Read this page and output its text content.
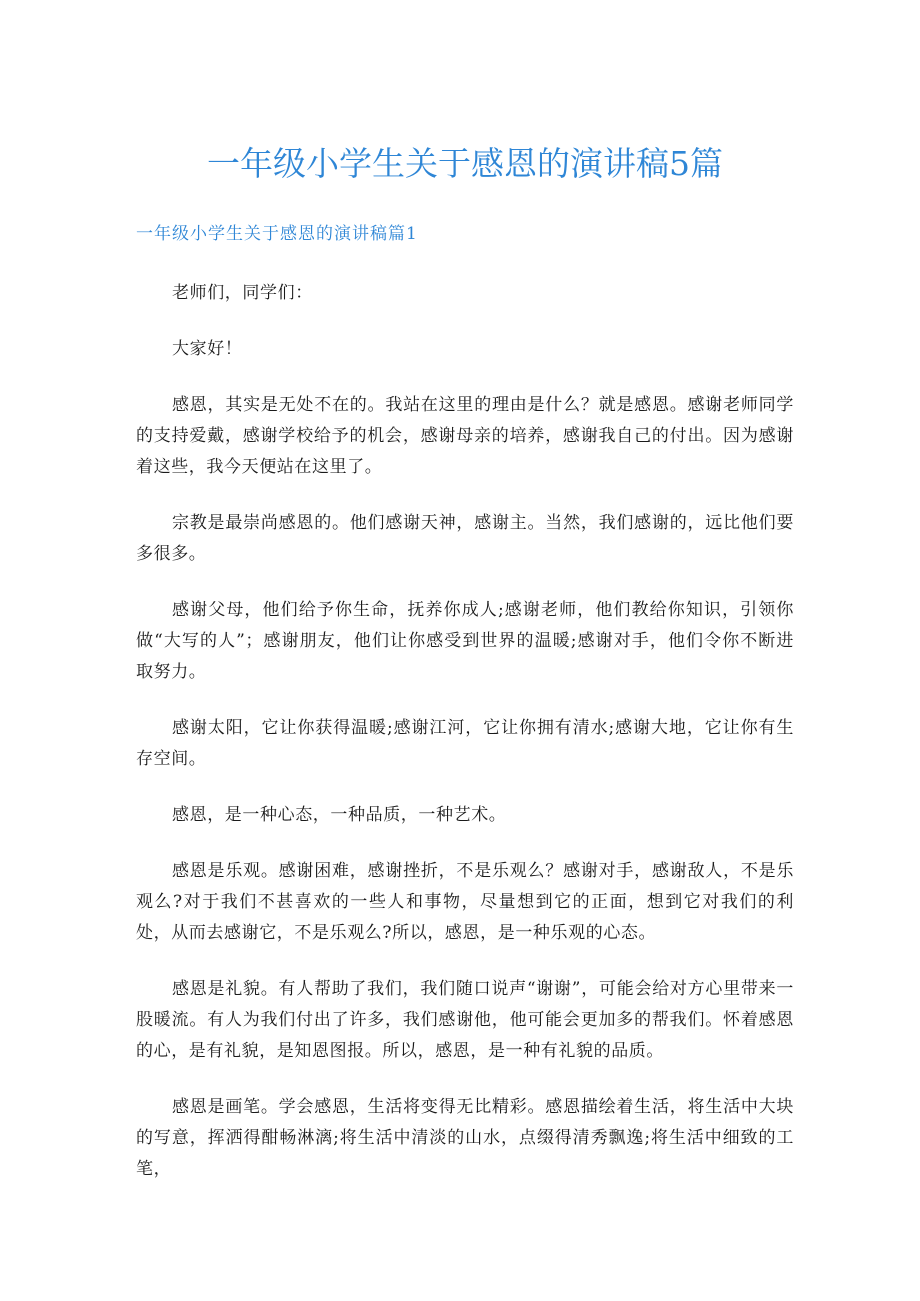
一年级小学生关于感恩的演讲稿5篇
一年级小学生关于感恩的演讲稿篇1

老师们，同学们：

大家好！

感恩，其实是无处不在的。我站在这里的理由是什么？就是感恩。感谢老师同学的支持爱戴，感谢学校给予的机会，感谢母亲的培养，感谢我自己的付出。因为感谢着这些，我今天便站在这里了。

宗教是最崇尚感恩的。他们感谢天神，感谢主。当然，我们感谢的，远比他们要多很多。

感谢父母，他们给予你生命，抚养你成人;感谢老师，他们教给你知识，引领你做“大写的人”；感谢朋友，他们让你感受到世界的温暖;感谢对手，他们令你不断进取努力。

感谢太阳，它让你获得温暖;感谢江河，它让你拥有清水;感谢大地，它让你有生存空间。

感恩，是一种心态，一种品质，一种艺术。

感恩是乐观。感谢困难，感谢挫折，不是乐观么？感谢对手，感谢敌人，不是乐观么?对于我们不甚喜欢的一些人和事物，尽量想到它的正面，想到它对我们的利处，从而去感谢它，不是乐观么?所以，感恩，是一种乐观的心态。

感恩是礼貌。有人帮助了我们，我们随口说声“谢谢”，可能会给对方心里带来一股暖流。有人为我们付出了许多，我们感谢他，他可能会更加多的帮我们。怀着感恩的心，是有礼貌，是知恩图报。所以，感恩，是一种有礼貌的品质。

感恩是画笔。学会感恩，生活将变得无比精彩。感恩描绘着生活，将生活中大块的写意，挥洒得酣畅淋漓;将生活中清淡的山水，点缀得清秀飘逸;将生活中细致的工笔，
